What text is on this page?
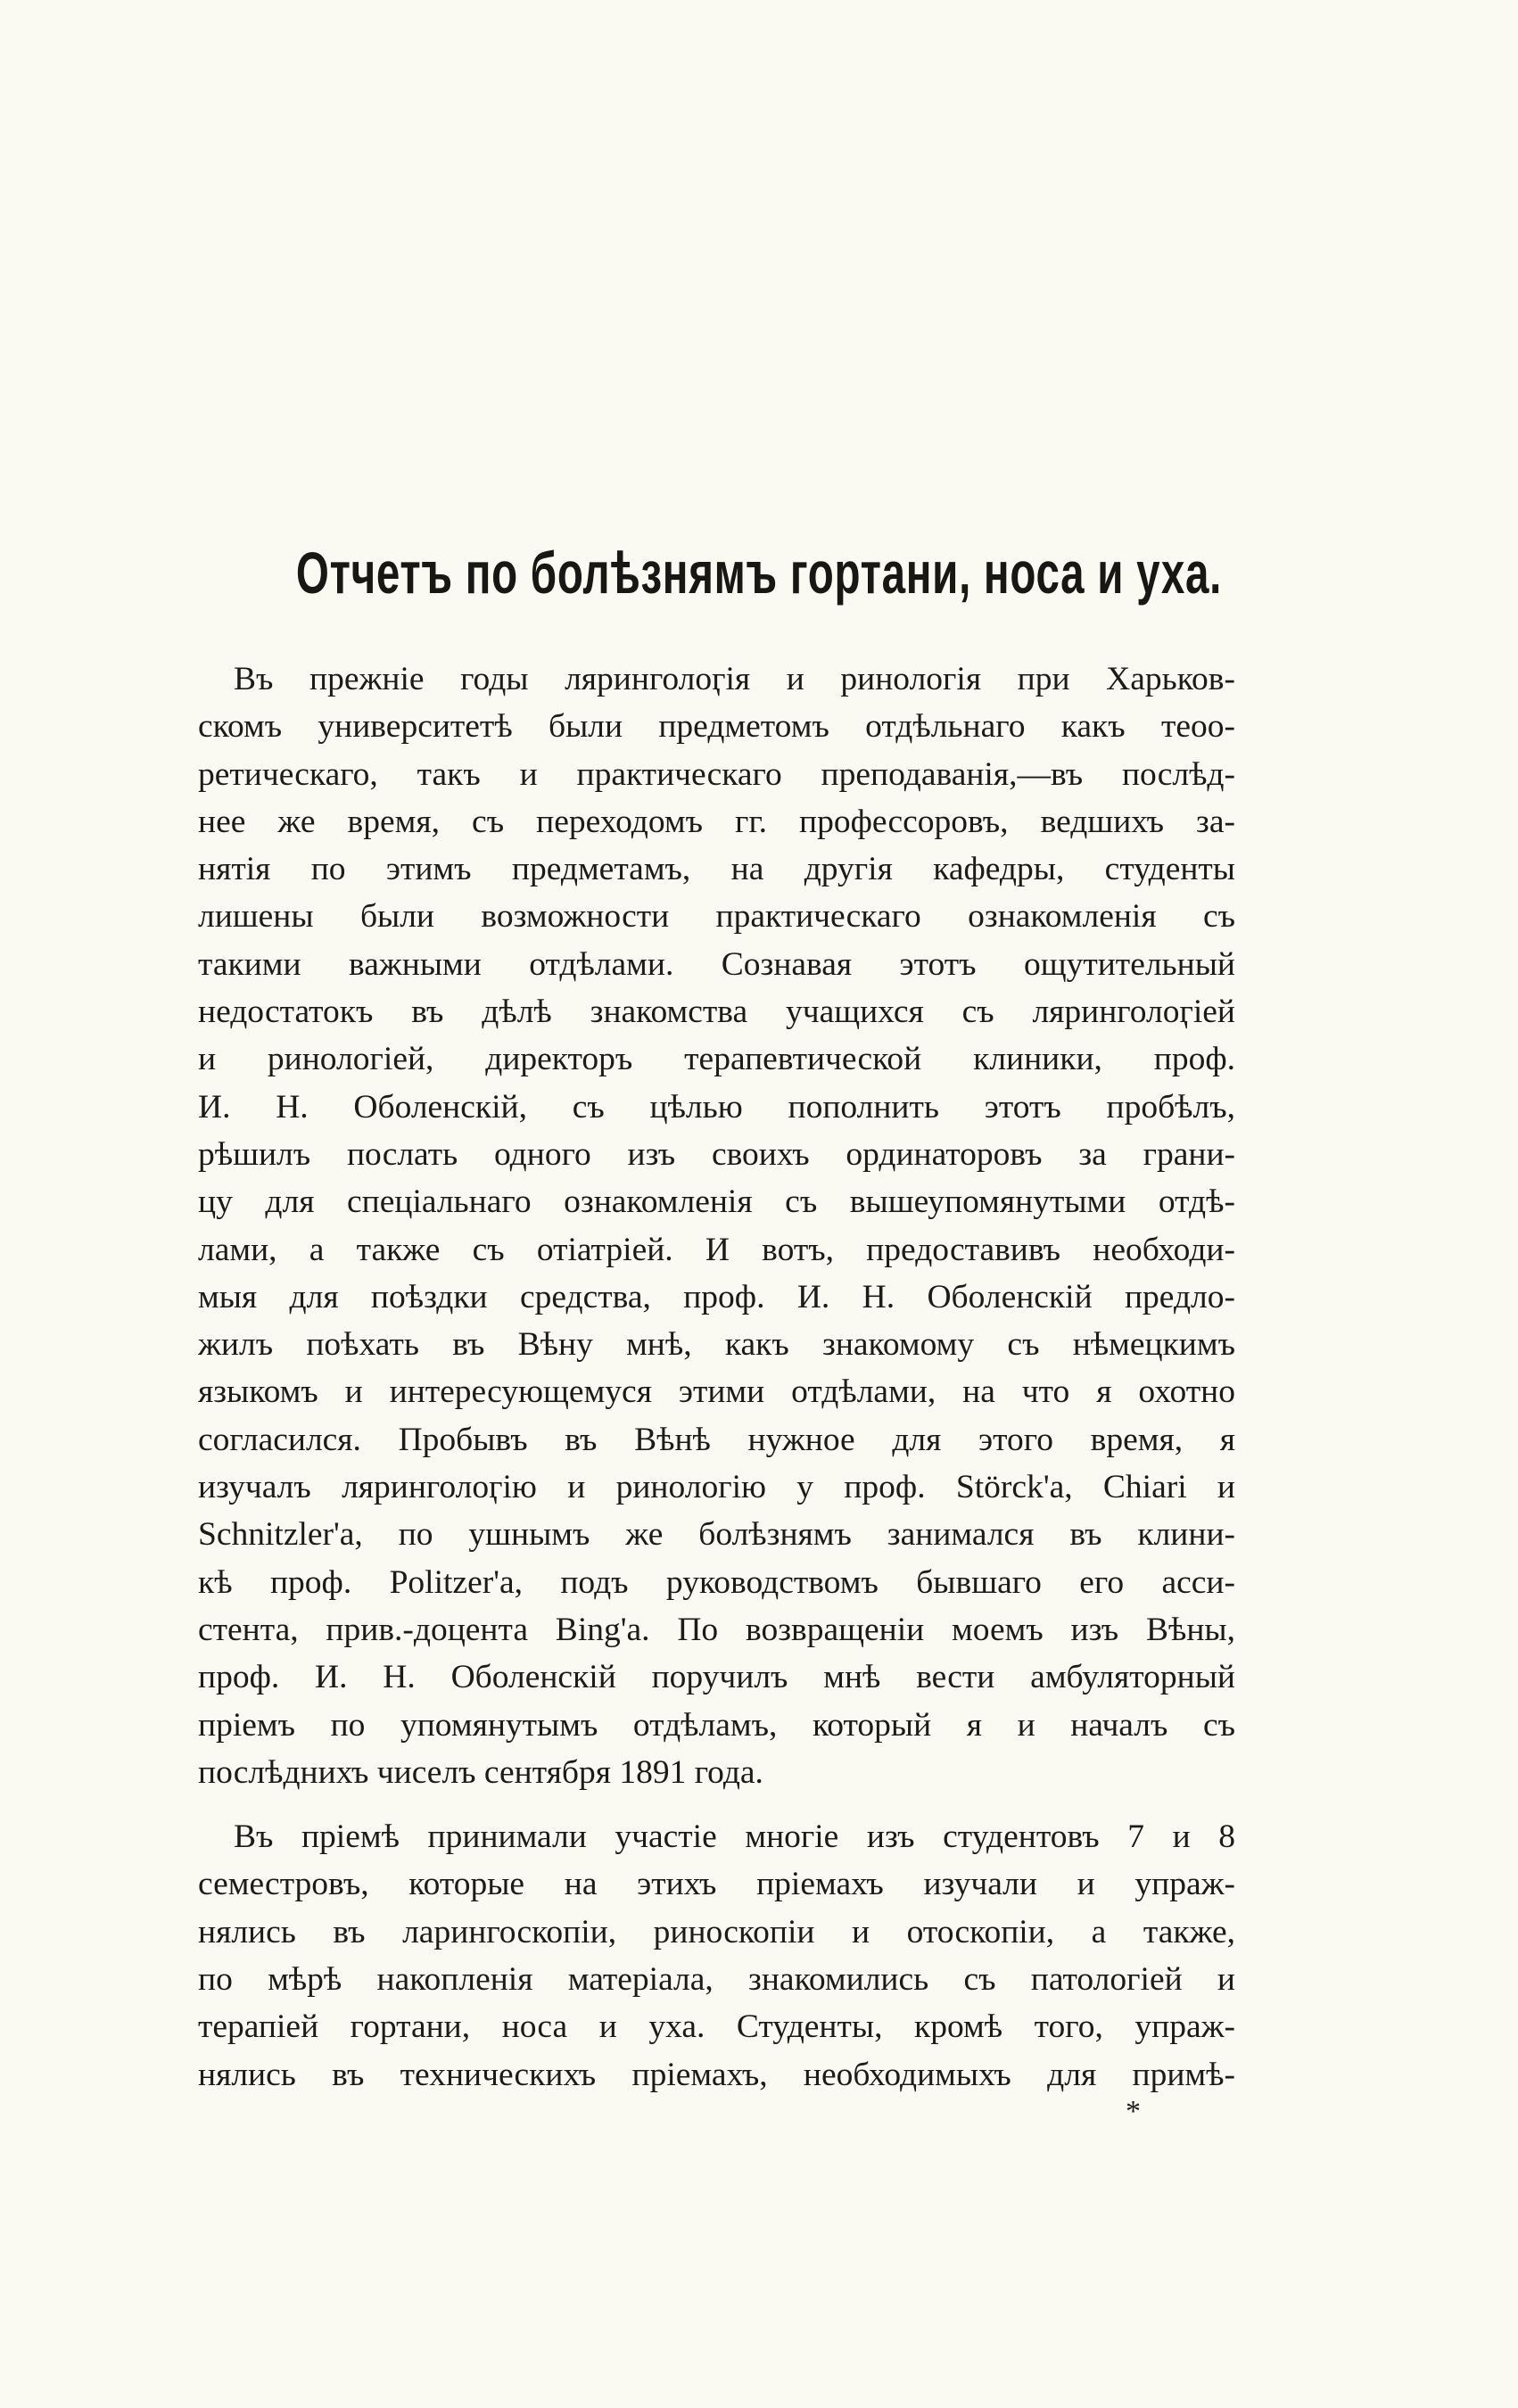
Отчетъ по болѣзнямъ гортани, носа и уха.
Въ прежніе годы ляринголоӷія и ринологія при Харьков-
скомъ университетѣ были предметомъ отдѣльнаго какъ теоо-
ретическаго, такъ и практическаго преподаванія,—въ послѣд-
нее же время, съ переходомъ гг. профессоровъ, ведшихъ за-
нятія по этимъ предметамъ, на другія кафедры, студенты
лишены были возможности практическаго ознакомленія съ
такими важными отдѣлами. Сознавая этотъ ощутительный
недостатокъ въ дѣлѣ знакомства учащихся съ ляринголоӷіей
и ринологіей, директоръ терапевтической клиники, проф.
И. Н. Оболенскій, съ цѣлью пополнить этотъ пробѣлъ,
рѣшилъ послать одного изъ своихъ ординаторовъ за грани-
цу для спеціальнаго ознакомленія съ вышеупомянутыми отдѣ-
лами, а также съ отіатріей. И вотъ, предоставивъ необходи-
мыя для поѣздки средства, проф. И. Н. Оболенскій предло-
жилъ поѣхать въ Вѣну мнѣ, какъ знакомому съ нѣмецкимъ
языкомъ и интересующемуся этими отдѣлами, на что я охотно
согласился. Пробывъ въ Вѣнѣ нужное для этого время, я
изучалъ ляринголоӷію и ринологію у проф. Störck'a, Chiari и
Schnitzler'a, по ушнымъ же болѣзнямъ занимался въ клини-
кѣ проф. Politzer'a, подъ руководствомъ бывшаго его асси-
стента, прив.-доцента Bing'a. По возвращеніи моемъ изъ Вѣны,
проф. И. Н. Оболенскій поручилъ мнѣ вести амбуляторный
пріемъ по упомянутымъ отдѣламъ, который я и началъ съ
послѣднихъ чиселъ сентября 1891 года.
Въ пріемѣ принимали участіе многіе изъ студентовъ 7 и 8
семестровъ, которые на этихъ пріемахъ изучали и упраж-
нялись въ ларингоскопіи, риноскопіи и отоскопіи, а также,
по мѣрѣ накопленія матеріала, знакомились съ патологіей и
терапіей гортани, носа и уха. Студенты, кромѣ того, упраж-
нялись въ техническихъ пріемахъ, необходимыхъ для примѣ-
*
